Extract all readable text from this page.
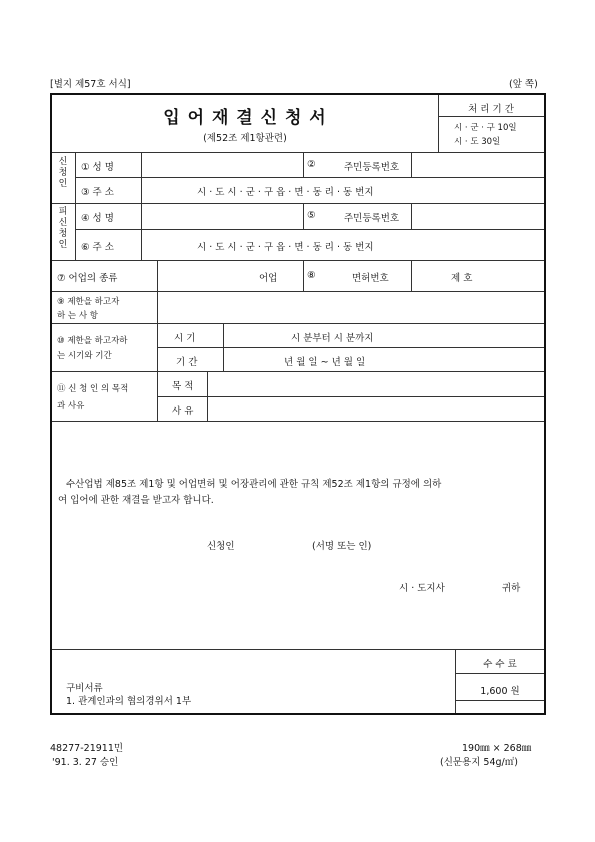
[별지 제57호 서식]	(앞 쪽)
입 어 재 결 신 청 서
(제52조 제1항관련)
처 리 기 간
시 · 군 · 구 10일
시 · 도 30일
신청인
① 성 명	②	주민등록번호
③ 주 소	시 · 도 시 · 군 · 구 읍 · 면 · 동 리 · 동 번지
피신청인
④ 성 명	⑤	주민등록번호
⑥ 주 소	시 · 도 시 · 군 · 구 읍 · 면 · 동 리 · 동 번지
⑦ 어업의 종류	어업	⑧	면허번호	제 호
⑨ 제한을 하고자
하 는 사 항
⑩ 제한을 하고자하
는 시기와 기간
시 기	시 분부터 시 분까지
기 간	년 월 일 ~ 년 월 일
⑪ 신 청 인 의 목적
과 사유
목 적
사 유
수산업법 제85조 제1항 및 어업면허 및 어장관리에 관한 규칙 제52조 제1항의 규정에 의하
여 입어에 관한 재결을 받고자 합니다.
신청인	(서명 또는 인)
시 · 도지사	귀하
구비서류
1. 관계인과의 협의경위서 1부
수 수 료
1,600 원
48277-21911민
'91. 3. 27 승인
190㎜ × 268㎜
(신문용지 54g/㎡)
